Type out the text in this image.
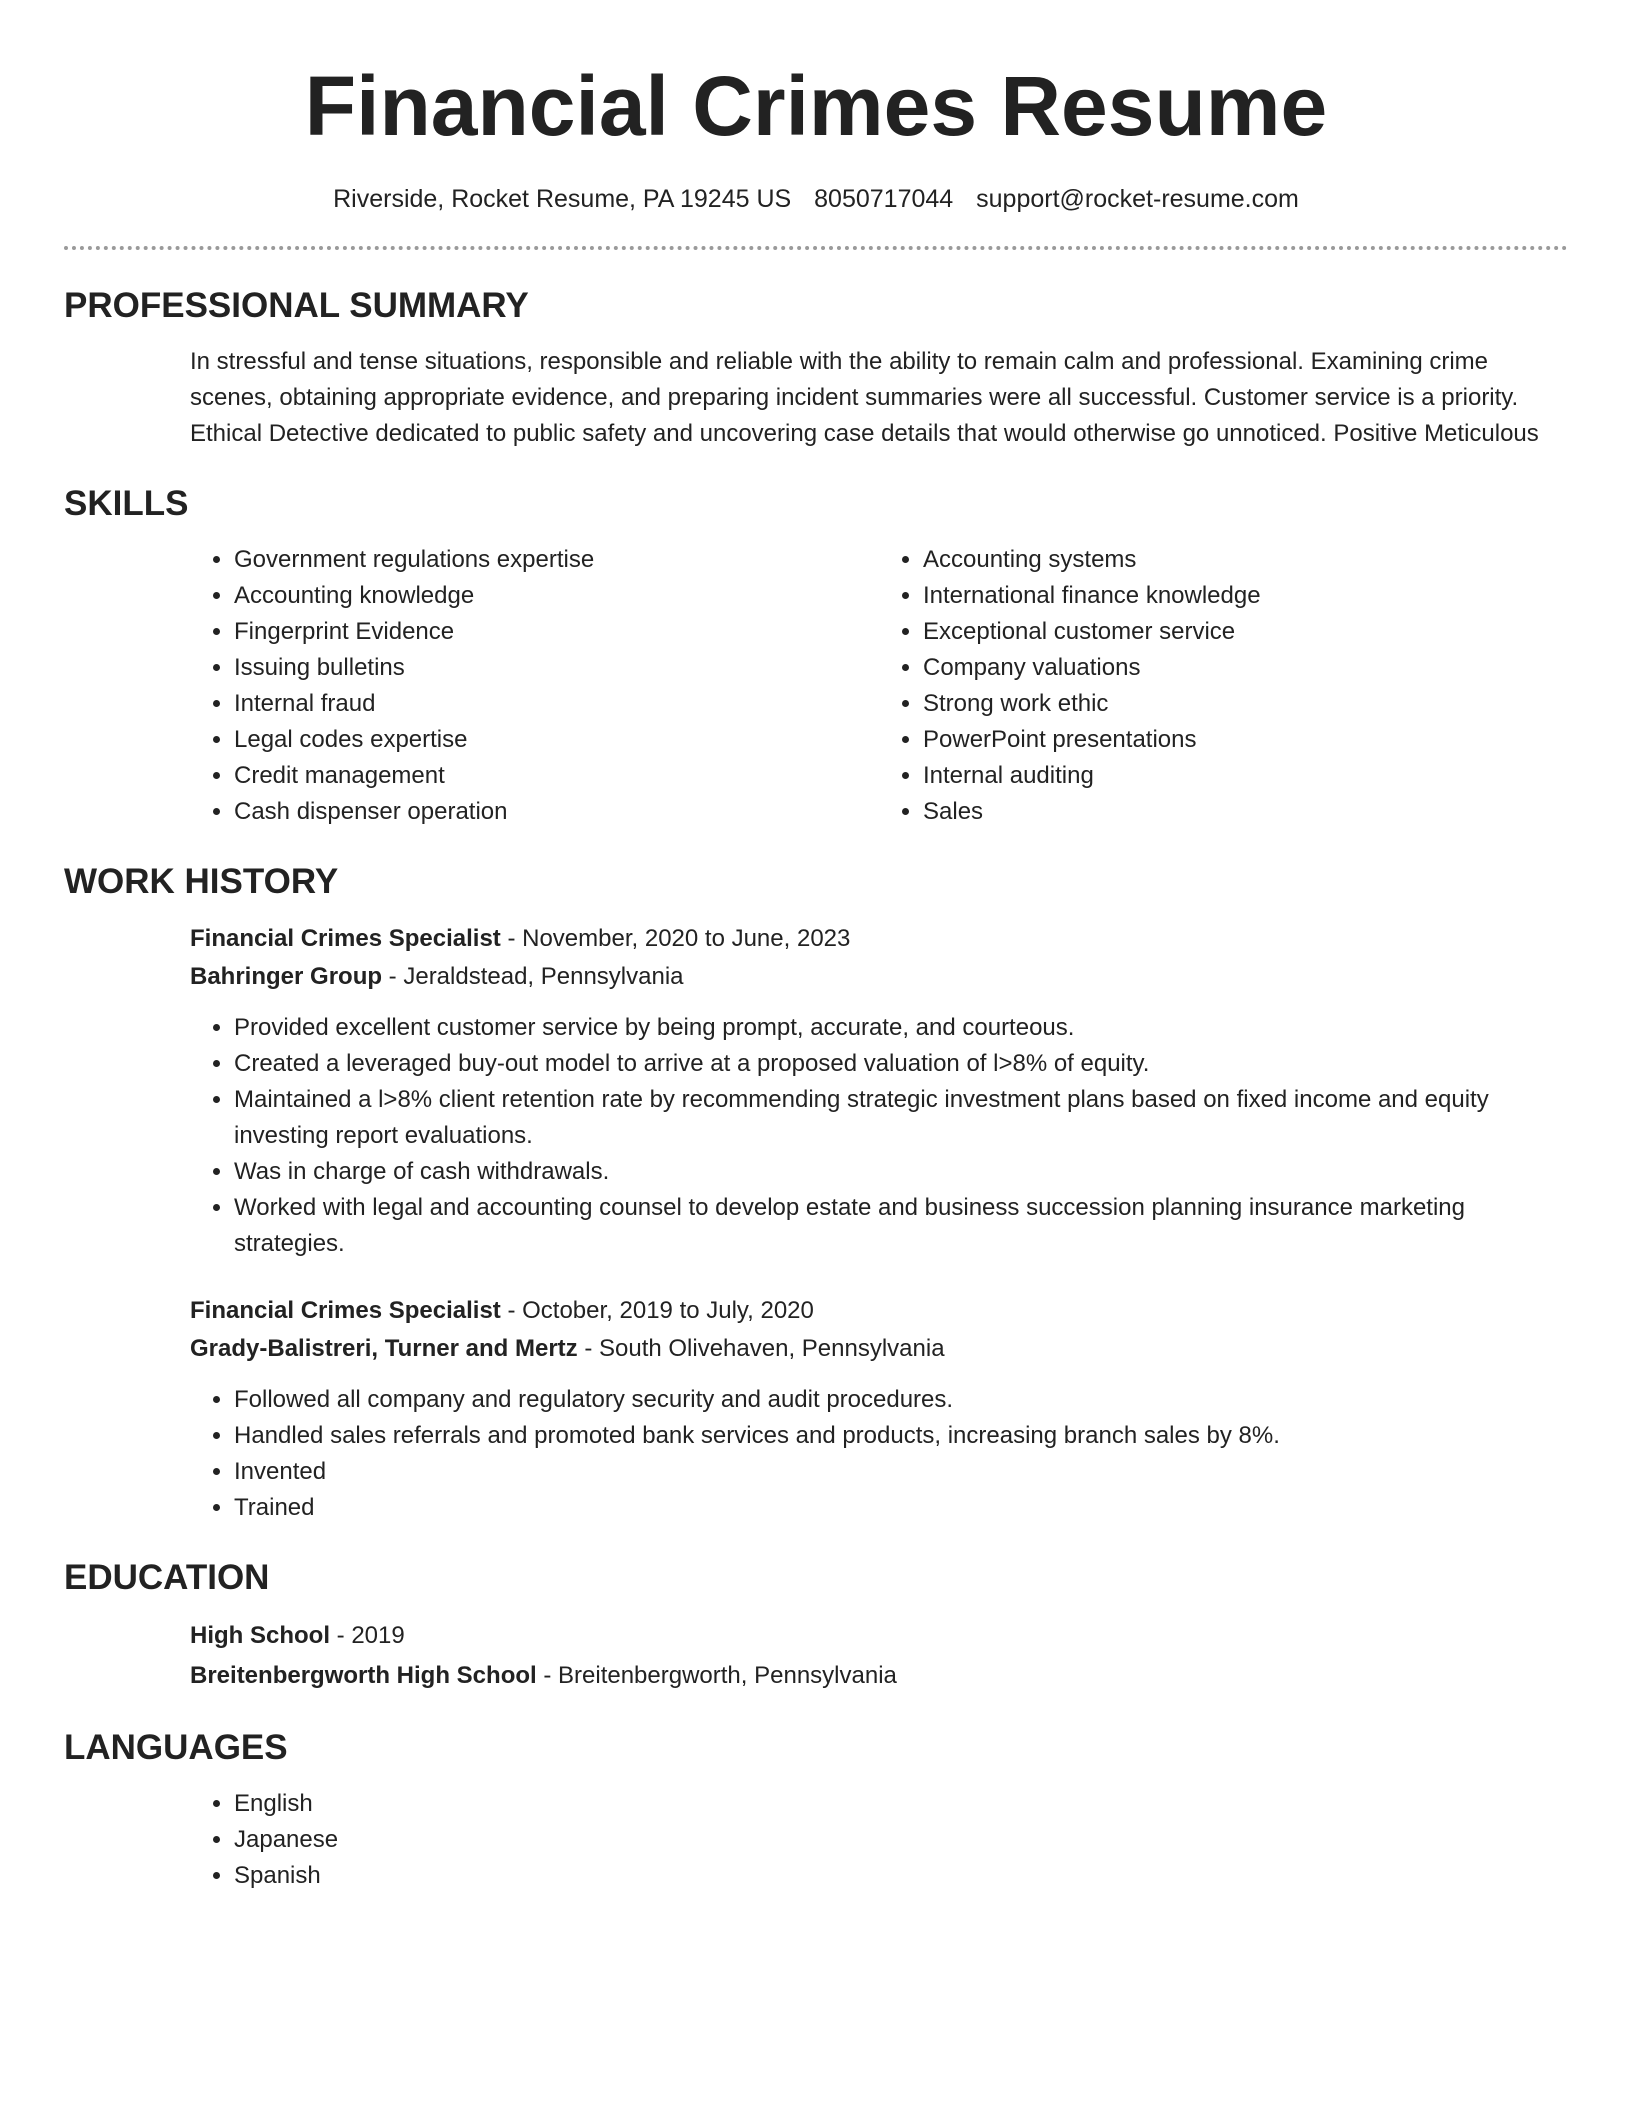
Financial Crimes Resume
Riverside, Rocket Resume, PA 19245 US 8050717044 support@rocket-resume.com
PROFESSIONAL SUMMARY

In stressful and tense situations, responsible and reliable with the ability to remain calm and professional. Examining crime scenes, obtaining appropriate evidence, and preparing incident summaries were all successful. Customer service is a priority. Ethical Detective dedicated to public safety and uncovering case details that would otherwise go unnoticed. Positive Meticulous

SKILLS
• Government regulations expertise
• Accounting knowledge
• Fingerprint Evidence
• Issuing bulletins
• Internal fraud
• Legal codes expertise
• Credit management
• Cash dispenser operation
• Accounting systems
• International finance knowledge
• Exceptional customer service
• Company valuations
• Strong work ethic
• PowerPoint presentations
• Internal auditing
• Sales
WORK HISTORY
Financial Crimes Specialist - November, 2020 to June, 2023
Bahringer Group - Jeraldstead, Pennsylvania
• Provided excellent customer service by being prompt, accurate, and courteous.
• Created a leveraged buy-out model to arrive at a proposed valuation of l>8% of equity.
• Maintained a l>8% client retention rate by recommending strategic investment plans based on fixed income and equity investing report evaluations.
• Was in charge of cash withdrawals.
• Worked with legal and accounting counsel to develop estate and business succession planning insurance marketing strategies.
Financial Crimes Specialist - October, 2019 to July, 2020
Grady-Balistreri, Turner and Mertz - South Olivehaven, Pennsylvania
• Followed all company and regulatory security and audit procedures.
• Handled sales referrals and promoted bank services and products, increasing branch sales by 8%.
• Invented
• Trained
EDUCATION
High School - 2019
Breitenbergworth High School - Breitenbergworth, Pennsylvania
LANGUAGES
• English
• Japanese
• Spanish
